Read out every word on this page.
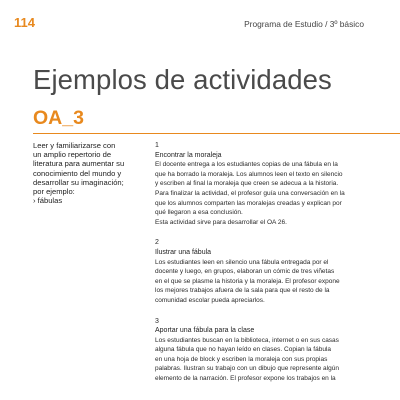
114	Programa de Estudio / 3º básico
Ejemplos de actividades
OA_3

Leer y familiarizarse con

un amplio repertorio de

literatura para aumentar su

conocimiento del mundo y

desarrollar su imaginación;

por ejemplo:

› fábulas

1

Encontrar la moraleja

El docente entrega a los estudiantes copias de una fábula en la
que ha borrado la moraleja. Los alumnos leen el texto en silencio
y escriben al final la moraleja que creen se adecua a la historia.
Para finalizar la actividad, el profesor guía una conversación en la
que los alumnos comparten las moralejas creadas y explican por
qué llegaron a esa conclusión.
Esta actividad sirve para desarrollar el OA 26.

2

Ilustrar una fábula

Los estudiantes leen en silencio una fábula entregada por el
docente y luego, en grupos, elaboran un cómic de tres viñetas
en el que se plasme la historia y la moraleja. El profesor expone
los mejores trabajos afuera de la sala para que el resto de la
comunidad escolar pueda apreciarlos.

3

Aportar una fábula para la clase

Los estudiantes buscan en la biblioteca, internet o en sus casas
alguna fábula que no hayan leído en clases. Copian la fábula
en una hoja de block y escriben la moraleja con sus propias
palabras. Ilustran su trabajo con un dibujo que represente algún
elemento de la narración. El profesor expone los trabajos en la
